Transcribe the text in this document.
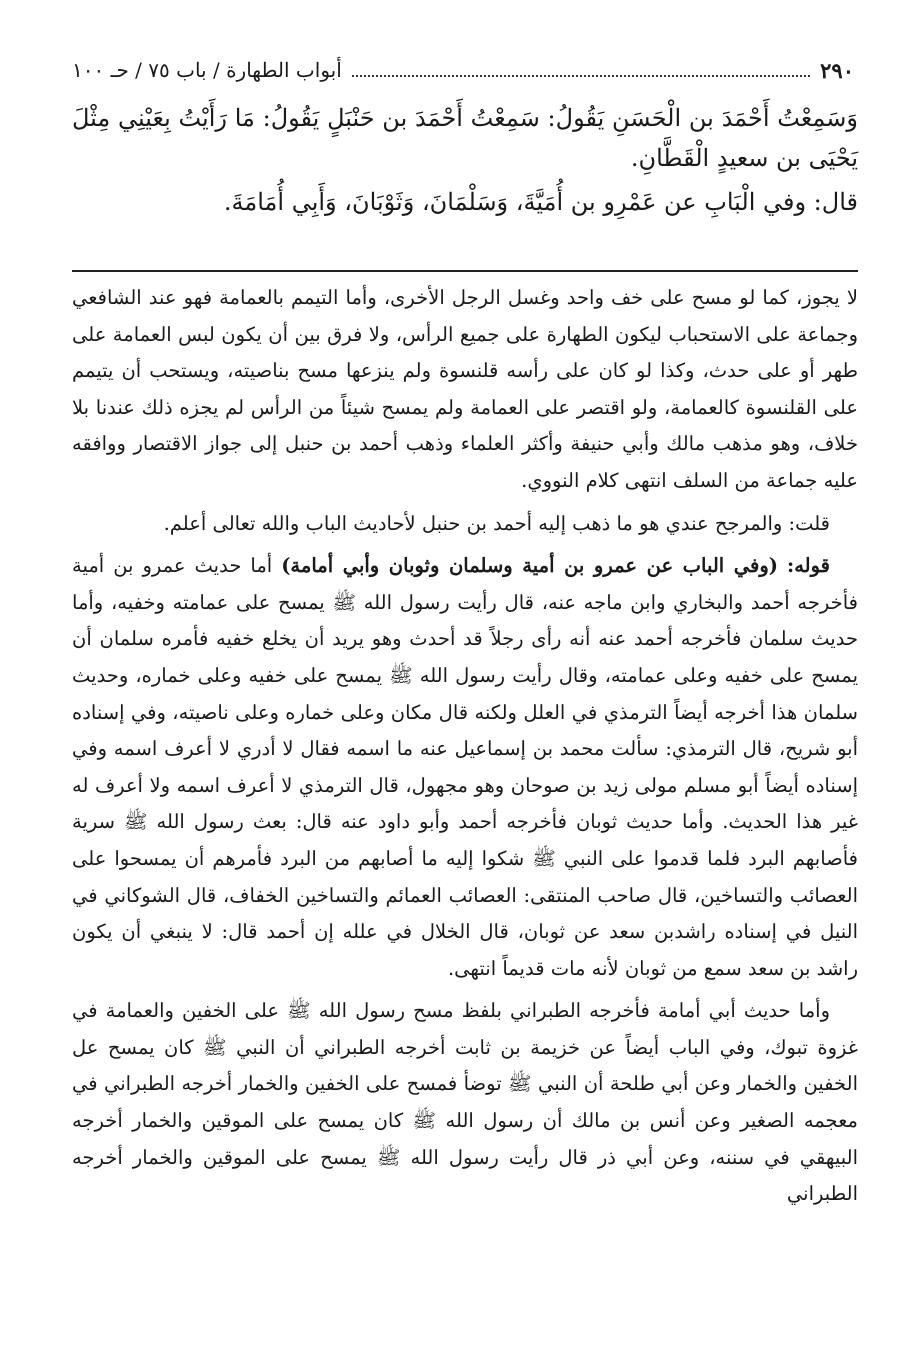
٢٩٠
أبواب الطهارة / باب ٧٥ / حـ ١٠٠

وَسَمِعْتُ أَحْمَدَ بن الْحَسَنِ يَقُولُ: سَمِعْتُ أَحْمَدَ بن حَنْبَلٍ يَقُولُ: مَا رَأَيْتُ بِعَيْنِي مِثْلَ يَحْيَى بن سعيدٍ الْقَطَّانِ.

قال: وفي الْبَابِ عن عَمْرِو بن أُمَيَّةَ، وَسَلْمَانَ، وَثَوْبَانَ، وَأَبِي أُمَامَةَ.

لا يجوز، كما لو مسح على خف واحد وغسل الرجل الأخرى، وأما التيمم بالعمامة فهو عند الشافعي وجماعة على الاستحباب ليكون الطهارة على جميع الرأس، ولا فرق بين أن يكون لبس العمامة على طهر أو على حدث، وكذا لو كان على رأسه قلنسوة ولم ينزعها مسح بناصيته، ويستحب أن يتيمم على القلنسوة كالعمامة، ولو اقتصر على العمامة ولم يمسح شيئاً من الرأس لم يجزه ذلك عندنا بلا خلاف، وهو مذهب مالك وأبي حنيفة وأكثر العلماء وذهب أحمد بن حنبل إلى جواز الاقتصار ووافقه عليه جماعة من السلف انتهى كلام النووي.

قلت: والمرجح عندي هو ما ذهب إليه أحمد بن حنبل لأحاديث الباب والله تعالى أعلم.

قوله: (وفي الباب عن عمرو بن أمية وسلمان وثوبان وأبي أمامة) أما حديث عمرو بن أمية فأخرجه أحمد والبخاري وابن ماجه عنه، قال رأيت رسول الله ﷺ يمسح على عمامته وخفيه، وأما حديث سلمان فأخرجه أحمد عنه أنه رأى رجلاً قد أحدث وهو يريد أن يخلع خفيه فأمره سلمان أن يمسح على خفيه وعلى عمامته، وقال رأيت رسول الله ﷺ يمسح على خفيه وعلى خماره، وحديث سلمان هذا أخرجه أيضاً الترمذي في العلل ولكنه قال مكان وعلى خماره وعلى ناصيته، وفي إسناده أبو شريح، قال الترمذي: سألت محمد بن إسماعيل عنه ما اسمه فقال لا أدري لا أعرف اسمه وفي إسناده أيضاً أبو مسلم مولى زيد بن صوحان وهو مجهول، قال الترمذي لا أعرف اسمه ولا أعرف له غير هذا الحديث. وأما حديث ثوبان فأخرجه أحمد وأبو داود عنه قال: بعث رسول الله ﷺ سرية فأصابهم البرد فلما قدموا على النبي ﷺ شكوا إليه ما أصابهم من البرد فأمرهم أن يمسحوا على العصائب والتساخين، قال صاحب المنتقى: العصائب العمائم والتساخين الخفاف، قال الشوكاني في النيل في إسناده راشدبن سعد عن ثوبان، قال الخلال في علله إن أحمد قال: لا ينبغي أن يكون راشد بن سعد سمع من ثوبان لأنه مات قديماً انتهى.

وأما حديث أبي أمامة فأخرجه الطبراني بلفظ مسح رسول الله ﷺ على الخفين والعمامة في غزوة تبوك، وفي الباب أيضاً عن خزيمة بن ثابت أخرجه الطبراني أن النبي ﷺ كان يمسح عل الخفين والخمار وعن أبي طلحة أن النبي ﷺ توضأ فمسح على الخفين والخمار أخرجه الطبراني في معجمه الصغير وعن أنس بن مالك أن رسول الله ﷺ كان يمسح على الموقين والخمار أخرجه البيهقي في سننه، وعن أبي ذر قال رأيت رسول الله ﷺ يمسح على الموقين والخمار أخرجه الطبراني
